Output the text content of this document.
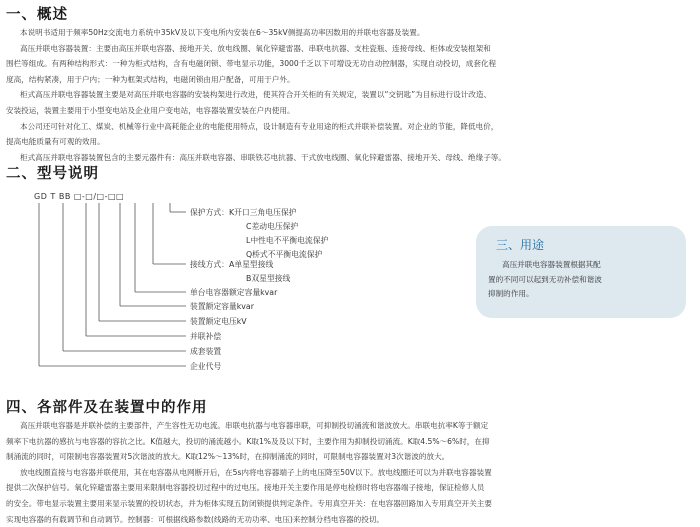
一、概述
本说明书适用于频率50Hz交流电力系统中35kV及以下变电所内安装在6～35kV侧提高功率因数用的并联电容器及装置。
高压并联电容器装置：主要由高压并联电容器、接地开关、放电线圈、氧化锌避雷器、串联电抗器、支柱瓷瓶、连接母线、柜体或安装框架和
围栏等组成。有两种结构形式：一种为柜式结构，含有电磁闭锁、带电显示功能，3000千乏以下可增设无功自动控制器，实现自动投切，成套化程
度高，结构紧凑，用于户内；一种为框架式结构，电磁闭锁由用户配备，可用于户外。
柜式高压并联电容器装置主要是对高压并联电容器的安装构架进行改进，使其符合开关柜的有关规定，装置以“交钥匙”为目标进行设计改造、
安装投运，装置主要用于小型变电站及企业用户变电站，电容器装置安装在户内使用。
本公司还可针对化工、煤炭、机械等行业中高耗能企业的电能使用特点，设计制造有专业用途的柜式并联补偿装置。对企业的节能，降低电价，
提高电能质量有可观的效用。
柜式高压并联电容器装置包含的主要元器件有：高压并联电容器、串联铁芯电抗器、干式放电线圈、氧化锌避雷器、接地开关、母线、绝缘子等。
二、型号说明
GD T BB □-□/□-□□
保护方式：K开口三角电压保护
C差动电压保护
L中性电不平衡电流保护
Q桥式不平衡电流保护
接线方式：A单星型接线
B双星型接线
单台电容器额定容量kvar
装置额定容量kvar
装置额定电压kV
并联补偿
成套装置
企业代号
三、用途
高压并联电容器装置根据其配
置的不同可以起到无功补偿和谐波
抑制的作用。
四、各部件及在装置中的作用
高压并联电容器是并联补偿的主要部件，产生容性无功电流。串联电抗器与电容器串联，可抑制投切涌流和谐波放大。串联电抗率K等于额定
频率下电抗器的感抗与电容器的容抗之比。K值越大，投切的涌流越小。K取1%及及以下时，主要作用为抑制投切涌流。K取4.5%～6%时，在抑
制涌流的同时，可限制电容器装置对5次谐波的放大。K取12%～13%时，在抑制涌流的同时，可限制电容器装置对3次谐波的放大。
放电线圈直接与电容器并联使用，其在电容器从电网断开后，在5s内将电容器端子上的电压降至50V以下。放电线圈还可以为并联电容器装置
提供二次保护信号。氧化锌避雷器主要用来限制电容器投切过程中的过电压。接地开关主要作用是停电检修时将电容器端子接地，保证检修人员
的安全。带电显示装置主要用来显示装置的投切状态，并为柜体实现五防闭锁提供判定条件。专用真空开关：在电容器回路加入专用真空开关主要
实现电容器的有载调节和自动调节。控制器：可根据线路参数(线路的无功功率、电压)来控制分档电容器的投切。
